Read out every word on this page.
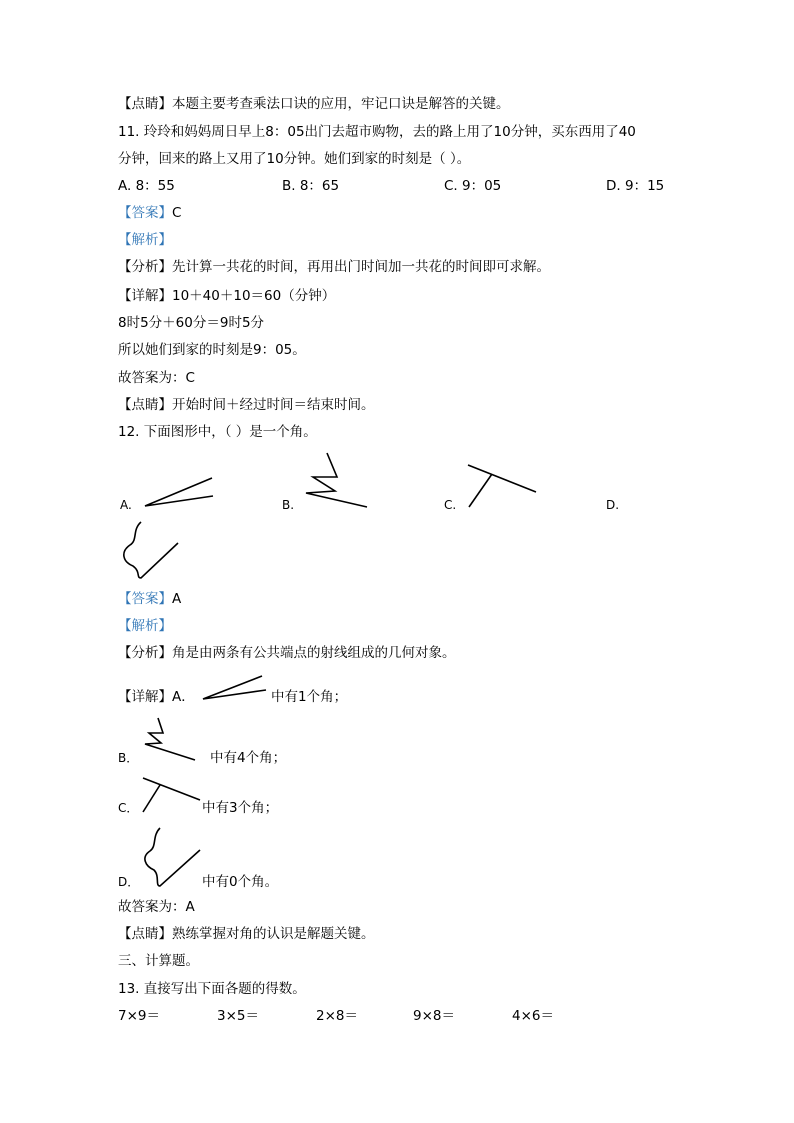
【点睛】本题主要考查乘法口诀的应用，牢记口诀是解答的关键。
11. 玲玲和妈妈周日早上8：05出门去超市购物，去的路上用了10分钟，买东西用了40
分钟，回来的路上又用了10分钟。她们到家的时刻是（ ）。
A. 8：55	B. 8：65	C. 9：05	D. 9：15
【答案】C
【解析】
【分析】先计算一共花的时间，再用出门时间加一共花的时间即可求解。
【详解】10＋40＋10＝60（分钟）
8时5分＋60分＝9时5分
所以她们到家的时刻是9：05。
故答案为：C
【点睛】开始时间＋经过时间＝结束时间。
12. 下面图形中，（ ）是一个角。
A.	B.	C.	D.
【答案】A
【解析】
【分析】角是由两条有公共端点的射线组成的几何对象。
【详解】A．	中有1个角；
B．	中有4个角；
C．	中有3个角；
D．	中有0个角。
故答案为：A
【点睛】熟练掌握对角的认识是解题关键。
三、计算题。
13. 直接写出下面各题的得数。
7×9＝	3×5＝	2×8＝	9×8＝	4×6＝
